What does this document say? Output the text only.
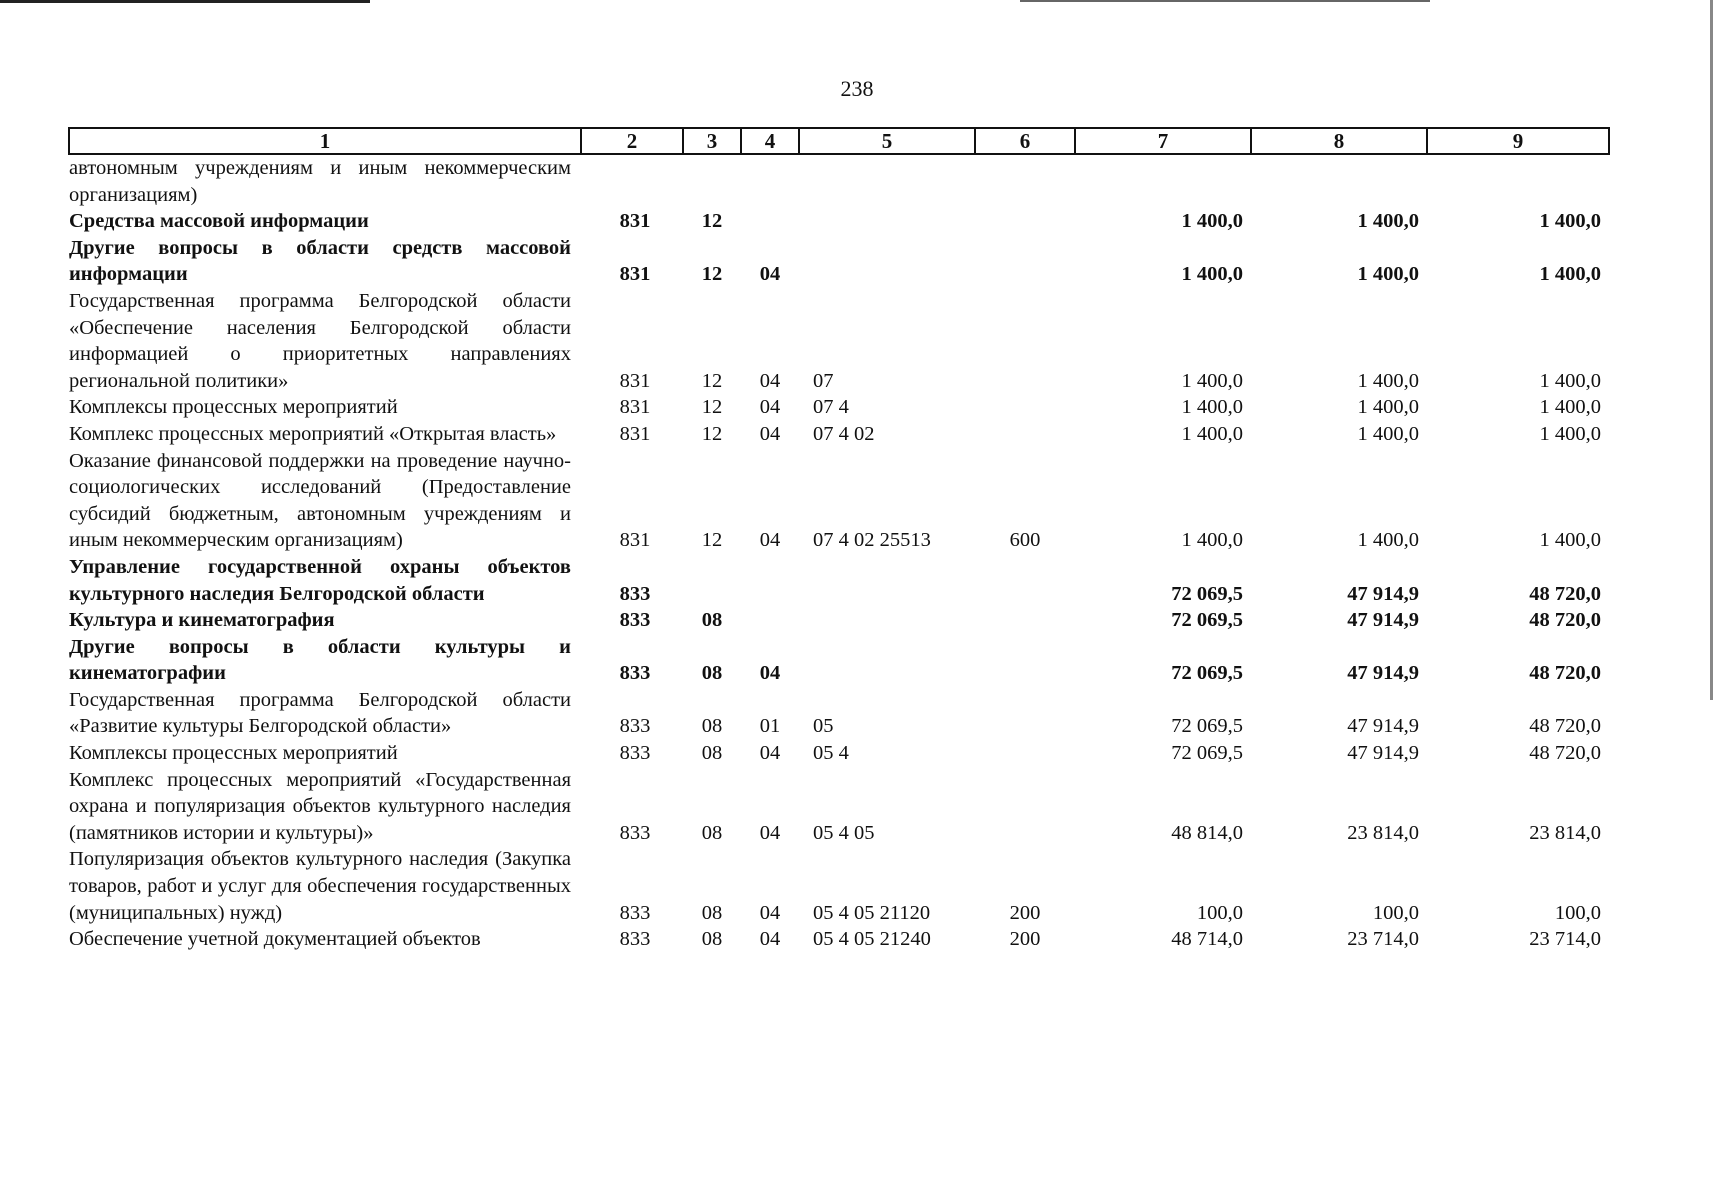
238
1	2	3	4	5	6	7	8	9
автономным учреждениям и иным некоммерческим организациям)								
Средства массовой информации	831	12				1 400,0	1 400,0	1 400,0
Другие вопросы в области средств массовой информации	831	12	04			1 400,0	1 400,0	1 400,0
Государственная программа Белгородской области «Обеспечение населения Белгородской области информацией о приоритетных направлениях региональной политики»	831	12	04	07		1 400,0	1 400,0	1 400,0
Комплексы процессных мероприятий	831	12	04	07 4		1 400,0	1 400,0	1 400,0
Комплекс процессных мероприятий «Открытая власть»	831	12	04	07 4 02		1 400,0	1 400,0	1 400,0
Оказание финансовой поддержки на проведение научно-социологических исследований (Предоставление субсидий бюджетным, автономным учреждениям и иным некоммерческим организациям)	831	12	04	07 4 02 25513	600	1 400,0	1 400,0	1 400,0
Управление государственной охраны объектов культурного наследия Белгородской области	833					72 069,5	47 914,9	48 720,0
Культура и кинематография	833	08				72 069,5	47 914,9	48 720,0
Другие вопросы в области культуры и кинематографии	833	08	04			72 069,5	47 914,9	48 720,0
Государственная программа Белгородской области «Развитие культуры Белгородской области»	833	08	01	05		72 069,5	47 914,9	48 720,0
Комплексы процессных мероприятий	833	08	04	05 4		72 069,5	47 914,9	48 720,0
Комплекс процессных мероприятий «Государственная охрана и популяризация объектов культурного наследия (памятников истории и культуры)»	833	08	04	05 4 05		48 814,0	23 814,0	23 814,0
Популяризация объектов культурного наследия (Закупка товаров, работ и услуг для обеспечения государственных (муниципальных) нужд)	833	08	04	05 4 05 21120	200	100,0	100,0	100,0
Обеспечение учетной документацией объектов	833	08	04	05 4 05 21240	200	48 714,0	23 714,0	23 714,0
